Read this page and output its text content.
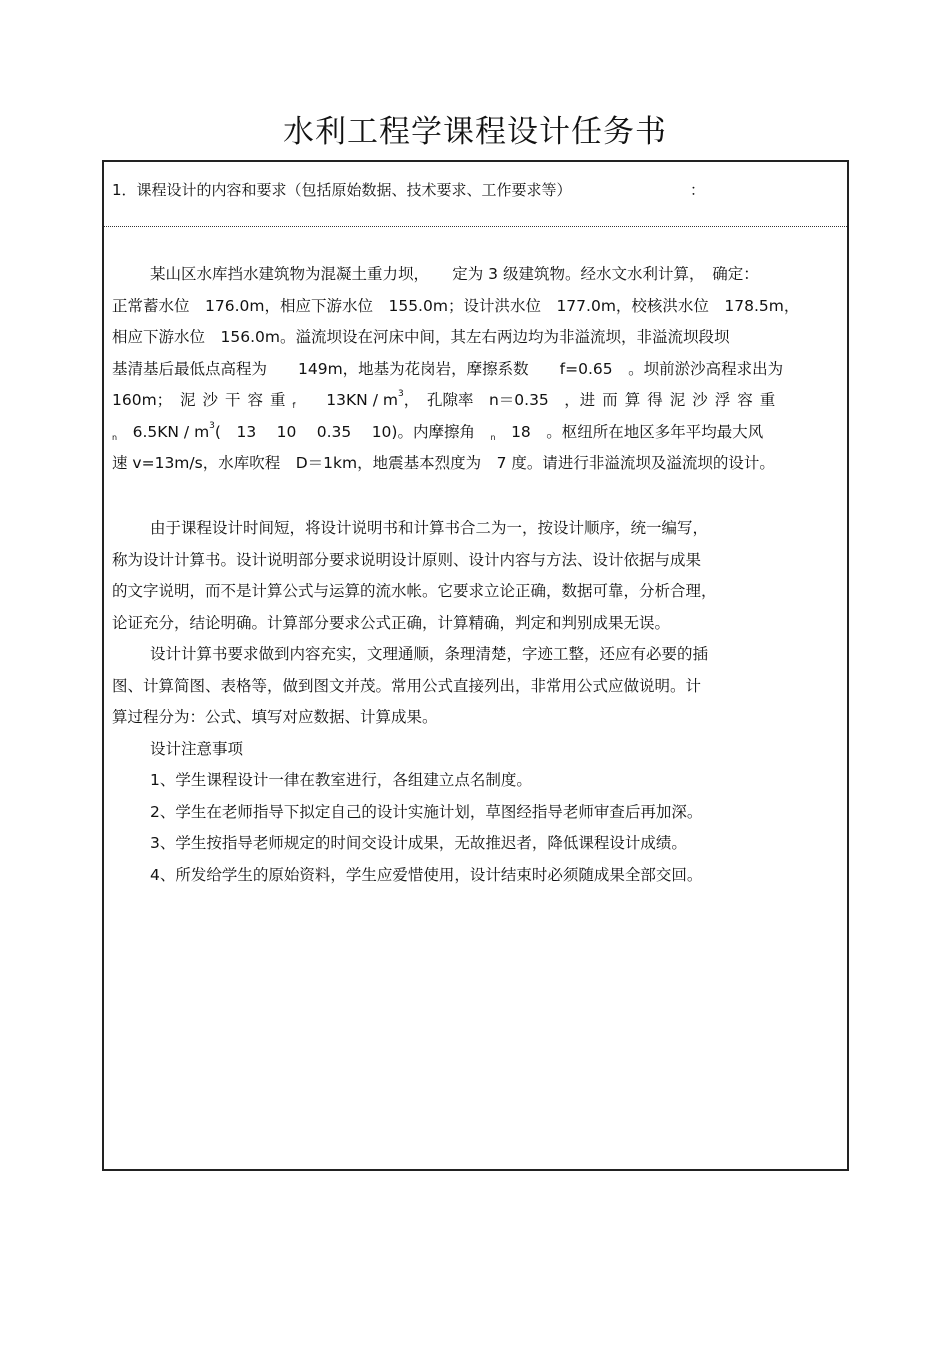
水利工程学课程设计任务书
1．课程设计的内容和要求（包括原始数据、技术要求、工作要求等）	：
某山区水库挡水建筑物为混凝土重力坝，　　定为 3 级建筑物。经水文水利计算，　确定：
正常蓄水位　176.0m，相应下游水位　155.0m；设计洪水位　177.0m，校核洪水位　178.5m，
相应下游水位　156.0m。溢流坝设在河床中间，其左右两边均为非溢流坝，非溢流坝段坝
基清基后最低点高程为　　149m，地基为花岗岩，摩擦系数　　f=0.65　。坝前淤沙高程求出为
160m；　泥沙干容重$_f$　　 $13KN / m^3$，　孔隙率　n＝0.35　，进而算得泥沙浮容重
$_n$　$6.5KN / m^3$(　13　 10　 0.35　 10)。内摩擦角　$_n$　18　。枢纽所在地区多年平均最大风
速 v=13m/s，水库吹程　D＝1km，地震基本烈度为　7 度。请进行非溢流坝及溢流坝的设计。
由于课程设计时间短，将设计说明书和计算书合二为一，按设计顺序，统一编写，
称为设计计算书。设计说明部分要求说明设计原则、设计内容与方法、设计依据与成果
的文字说明，而不是计算公式与运算的流水帐。它要求立论正确，数据可靠，分析合理，
论证充分，结论明确。计算部分要求公式正确，计算精确，判定和判别成果无误。
设计计算书要求做到内容充实，文理通顺，条理清楚，字迹工整，还应有必要的插
图、计算简图、表格等，做到图文并茂。常用公式直接列出，非常用公式应做说明。计
算过程分为：公式、填写对应数据、计算成果。
设计注意事项
1、学生课程设计一律在教室进行，各组建立点名制度。
2、学生在老师指导下拟定自己的设计实施计划，草图经指导老师审查后再加深。
3、学生按指导老师规定的时间交设计成果，无故推迟者，降低课程设计成绩。
4、所发给学生的原始资料，学生应爱惜使用，设计结束时必须随成果全部交回。
